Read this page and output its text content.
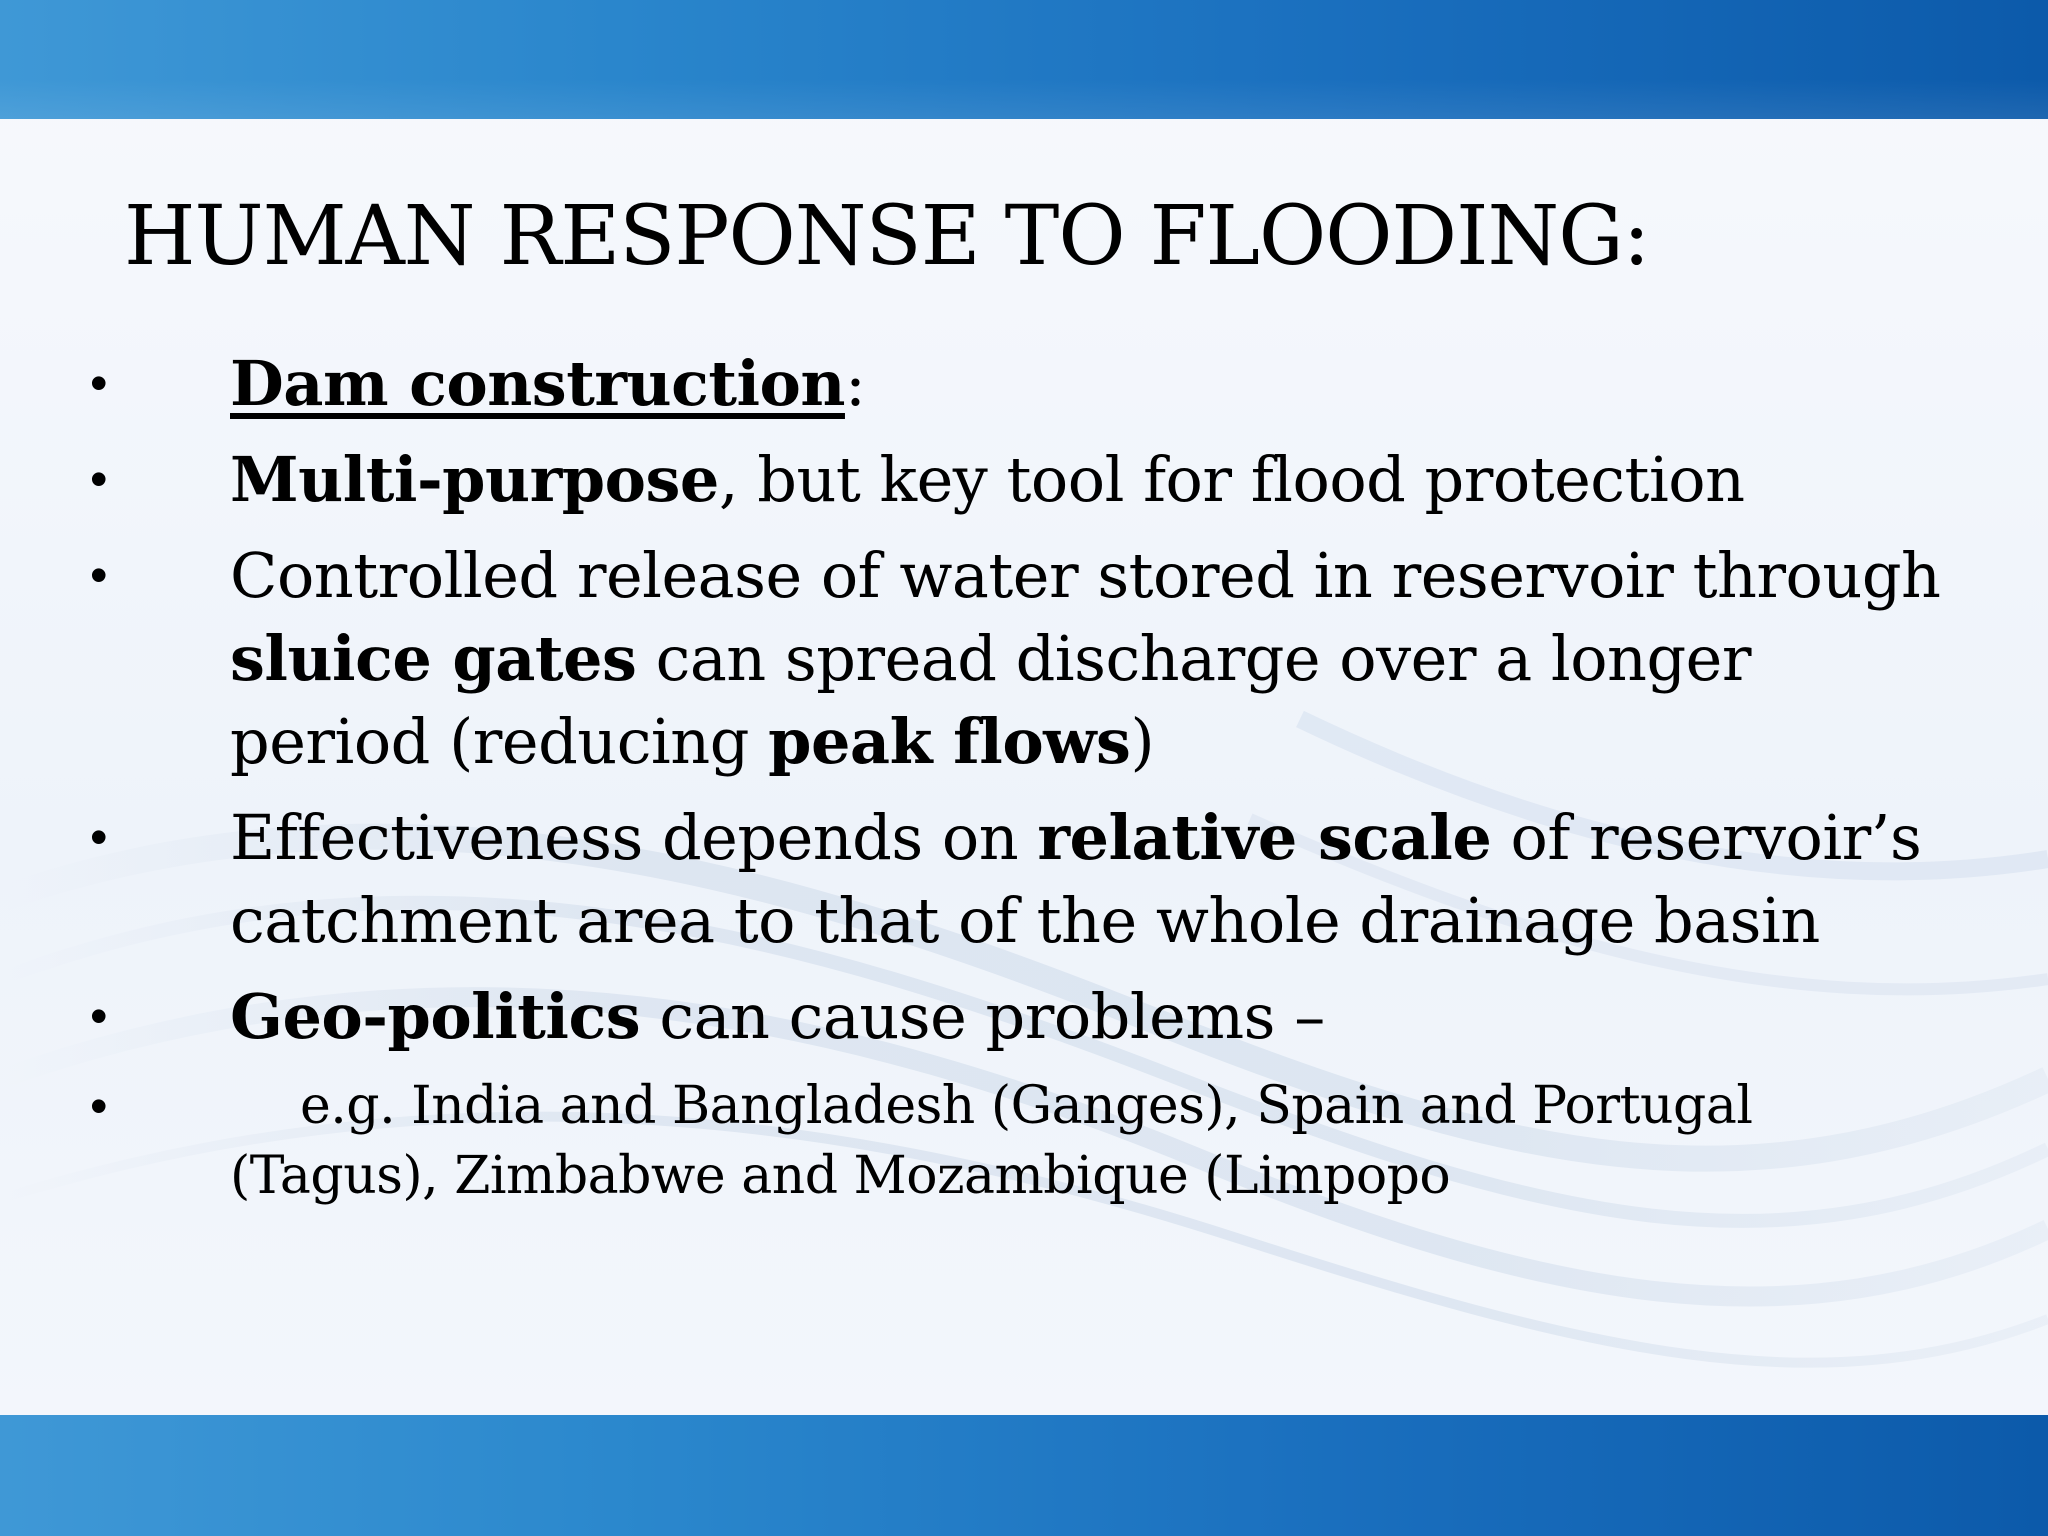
HUMAN RESPONSE TO FLOODING:
• Dam construction:
• Multi-purpose, but key tool for flood protection
• Controlled release of water stored in reservoir through sluice gates can spread discharge over a longer period (reducing peak flows)
• Effectiveness depends on relative scale of reservoir’s catchment area to that of the whole drainage basin
• Geo-politics can cause problems –
•	e.g. India and Bangladesh (Ganges), Spain and Portugal (Tagus), Zimbabwe and Mozambique (Limpopo
